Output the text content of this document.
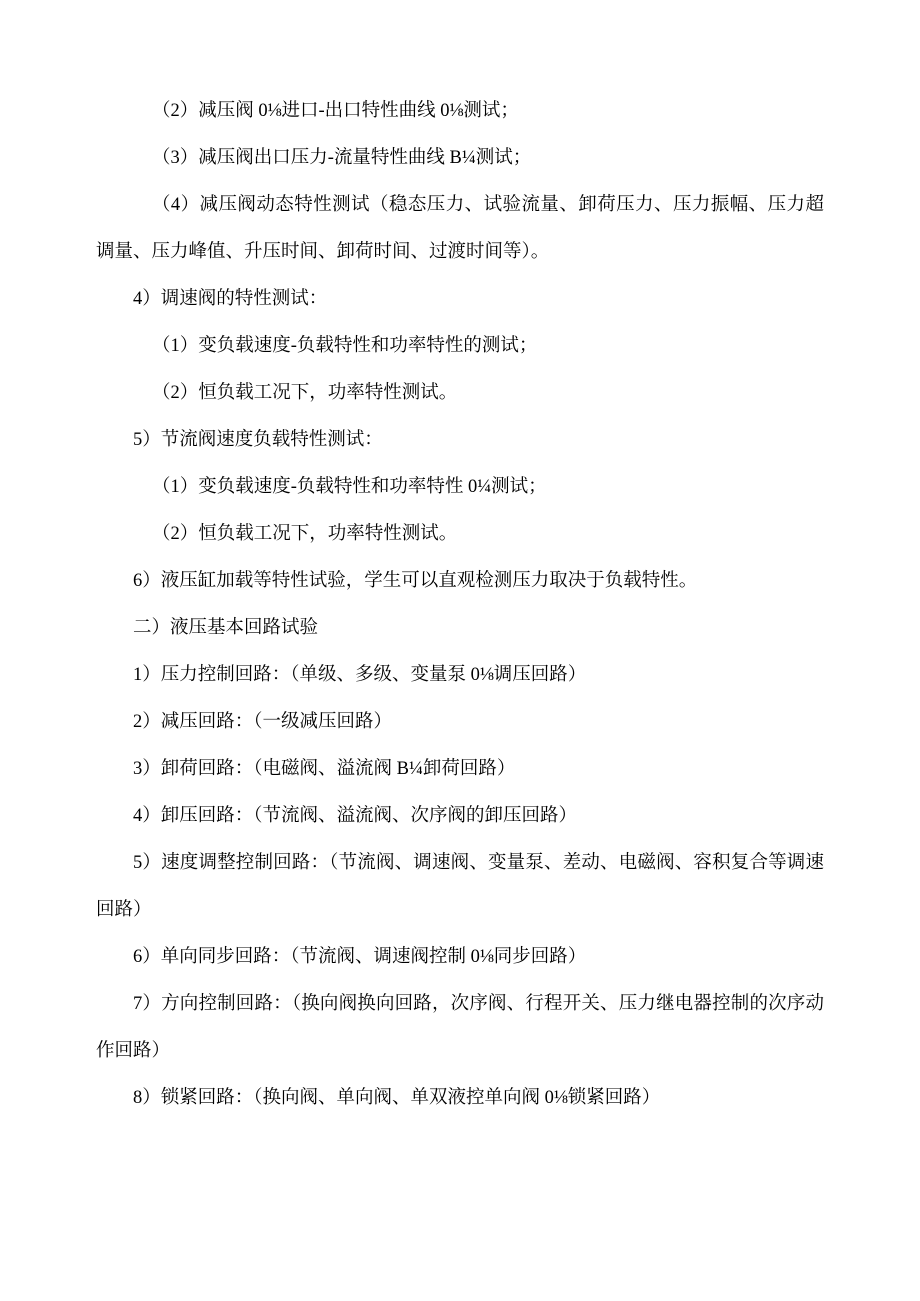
（2）减压阀 0⅛进口-出口特性曲线 0⅛测试；

（3）减压阀出口压力-流量特性曲线 B¼测试；

（4）减压阀动态特性测试（稳态压力、试验流量、卸荷压力、压力振幅、压力超调量、压力峰值、升压时间、卸荷时间、过渡时间等）。

4）调速阀的特性测试：

（1）变负载速度-负载特性和功率特性的测试；

（2）恒负载工况下，功率特性测试。

5）节流阀速度负载特性测试：

（1）变负载速度-负载特性和功率特性 0¼测试；

（2）恒负载工况下，功率特性测试。

6）液压缸加载等特性试验，学生可以直观检测压力取决于负载特性。

二）液压基本回路试验

1）压力控制回路：（单级、多级、变量泵 0⅛调压回路）

2）减压回路：（一级减压回路）

3）卸荷回路：（电磁阀、溢流阀 B¼卸荷回路）

4）卸压回路：（节流阀、溢流阀、次序阀的卸压回路）

5）速度调整控制回路：（节流阀、调速阀、变量泵、差动、电磁阀、容积复合等调速回路）

6）单向同步回路：（节流阀、调速阀控制 0⅛同步回路）

7）方向控制回路：（换向阀换向回路，次序阀、行程开关、压力继电器控制的次序动作回路）

8）锁紧回路：（换向阀、单向阀、单双液控单向阀 0⅛锁紧回路）
